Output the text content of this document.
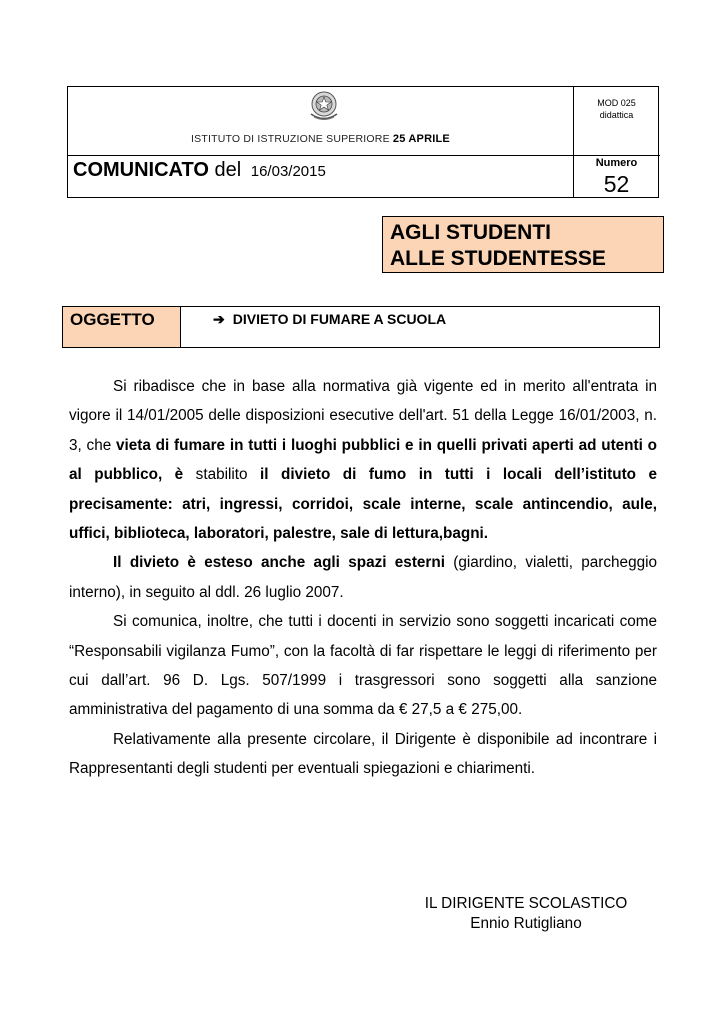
ISTITUTO DI ISTRUZIONE SUPERIORE 25 APRILE
MOD 025
didattica
COMUNICATO del 16/03/2015	Numero
52
AGLI STUDENTI
ALLE STUDENTESSE
OGGETTO	➔ DIVIETO DI FUMARE A SCUOLA

Si ribadisce che in base alla normativa già vigente ed in merito all'entrata in vigore il 14/01/2005 delle disposizioni esecutive dell'art. 51 della Legge 16/01/2003, n. 3, che vieta di fumare in tutti i luoghi pubblici e in quelli privati aperti ad utenti o al pubblico, è stabilito il divieto di fumo in tutti i locali dell’istituto e precisamente: atri, ingressi, corridoi, scale interne, scale antincendio, aule, uffici, biblioteca, laboratori, palestre, sale di lettura,bagni.

Il divieto è esteso anche agli spazi esterni (giardino, vialetti, parcheggio interno), in seguito al ddl. 26 luglio 2007.

Si comunica, inoltre, che tutti i docenti in servizio sono soggetti incaricati come “Responsabili vigilanza Fumo”, con la facoltà di far rispettare le leggi di riferimento per cui dall’art. 96 D. Lgs. 507/1999 i trasgressori sono soggetti alla sanzione amministrativa del pagamento di una somma da € 27,5 a € 275,00.

Relativamente alla presente circolare, il Dirigente è disponibile ad incontrare i Rappresentanti degli studenti per eventuali spiegazioni e chiarimenti.

IL DIRIGENTE SCOLASTICO
Ennio Rutigliano
